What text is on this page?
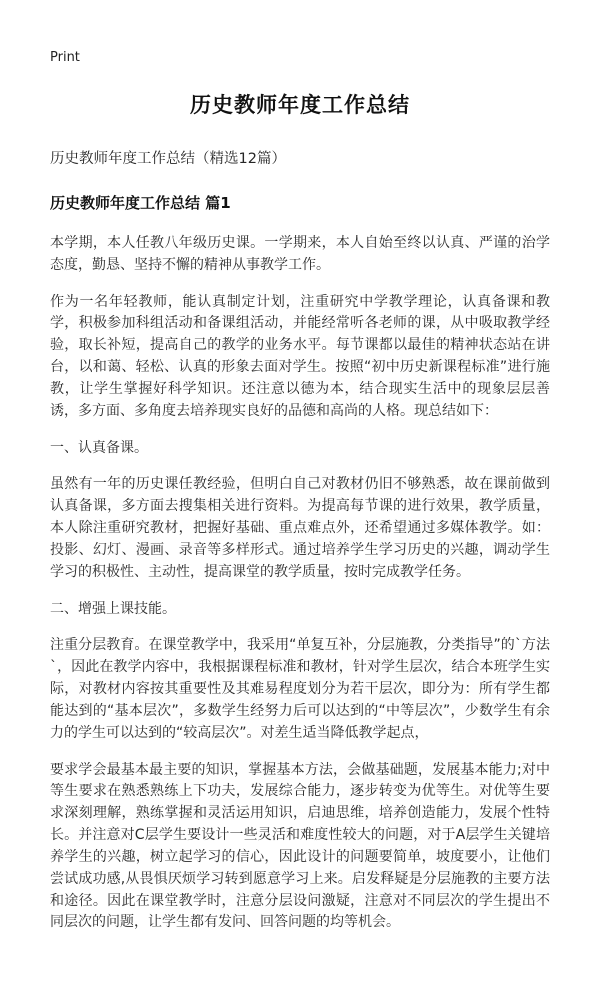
Print
历史教师年度工作总结

历史教师年度工作总结（精选12篇）

历史教师年度工作总结 篇1

本学期，本人任教八年级历史课。一学期来，本人自始至终以认真、严谨的治学态度，勤恳、坚持不懈的精神从事教学工作。

作为一名年轻教师，能认真制定计划，注重研究中学教学理论，认真备课和教学，积极参加科组活动和备课组活动，并能经常听各老师的课，从中吸取教学经验，取长补短，提高自己的教学的业务水平。每节课都以最佳的精神状态站在讲台，以和蔼、轻松、认真的形象去面对学生。按照“初中历史新课程标准”进行施教，让学生掌握好科学知识。还注意以德为本，结合现实生活中的现象层层善诱，多方面、多角度去培养现实良好的品德和高尚的人格。现总结如下：

一、认真备课。

虽然有一年的历史课任教经验，但明白自己对教材仍旧不够熟悉，故在课前做到认真备课，多方面去搜集相关进行资料。为提高每节课的进行效果，教学质量，本人除注重研究教材，把握好基础、重点难点外，还希望通过多媒体教学。如：投影、幻灯、漫画、录音等多样形式。通过培养学生学习历史的兴趣，调动学生学习的积极性、主动性，提高课堂的教学质量，按时完成教学任务。

二、增强上课技能。

注重分层教育。在课堂教学中，我采用“单复互补，分层施教，分类指导”的`方法`，因此在教学内容中，我根据课程标准和教材，针对学生层次，结合本班学生实际，对教材内容按其重要性及其难易程度划分为若干层次，即分为：所有学生都能达到的“基本层次”，多数学生经努力后可以达到的“中等层次”，少数学生有余力的学生可以达到的“较高层次”。对差生适当降低教学起点，

要求学会最基本最主要的知识，掌握基本方法，会做基础题，发展基本能力;对中等生要求在熟悉熟练上下功夫，发展综合能力，逐步转变为优等生。对优等生要求深刻理解，熟练掌握和灵活运用知识，启迪思维，培养创造能力，发展个性特长。并注意对C层学生要设计一些灵活和难度性较大的问题，对于A层学生关键培养学生的兴趣，树立起学习的信心，因此设计的问题要简单，坡度要小，让他们尝试成功感,从畏惧厌烦学习转到愿意学习上来。启发释疑是分层施教的主要方法和途径。因此在课堂教学时，注意分层设问激疑，注意对不同层次的学生提出不同层次的问题，让学生都有发问、回答问题的均等机会。
